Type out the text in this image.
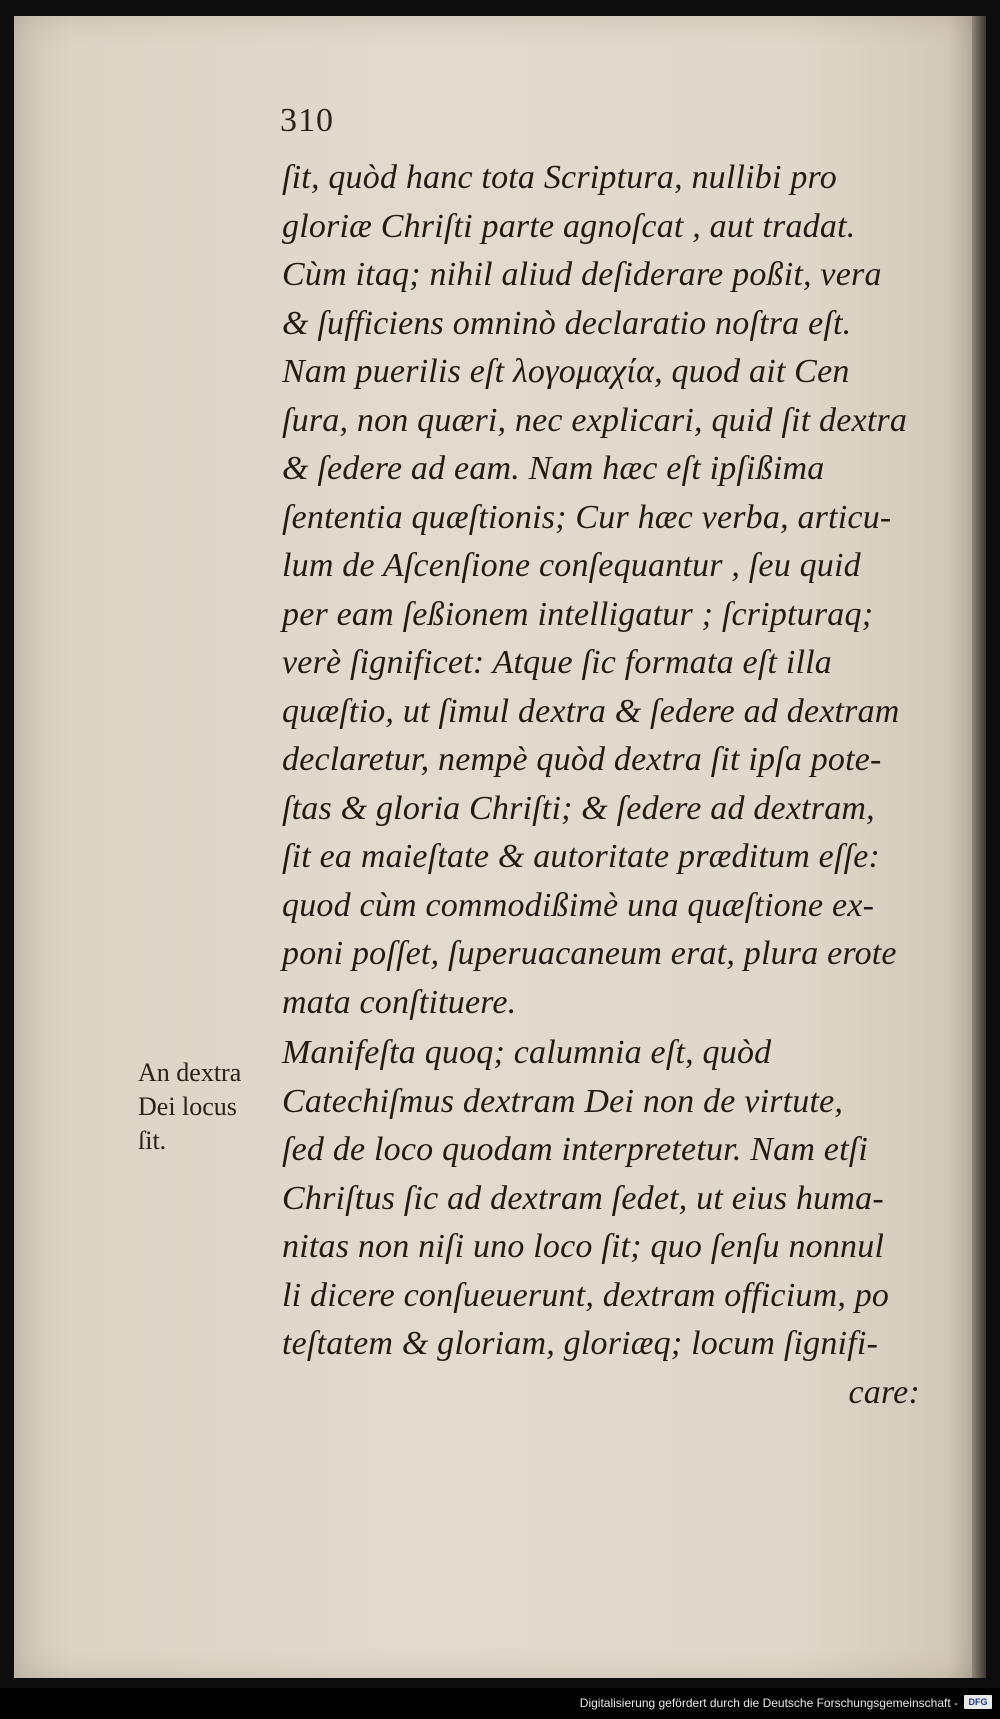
310
ſit, quòd hanc tota Scriptura, nullibi pro
gloriæ Chriſti parte agnoſcat , aut tradat.
Cùm itaq; nihil aliud deſiderare poßit, vera
& ſufficiens omninò declaratio noſtra eſt.
Nam puerilis eſt λογομαχία, quod ait Cen
ſura, non quæri, nec explicari, quid ſit dextra
& ſedere ad eam. Nam hæc eſt ipſißima
ſententia quæſtionis; Cur hæc verba, articu-
lum de Aſcenſione conſequantur , ſeu quid
per eam ſeßionem intelligatur ; ſcripturaq;
verè ſignificet: Atque ſic formata eſt illa
quæſtio, ut ſimul dextra & ſedere ad dextram
declaretur, nempè quòd dextra ſit ipſa pote-
ſtas & gloria Chriſti; & ſedere ad dextram,
ſit ea maieſtate & autoritate præditum eſſe:
quod cùm commodißimè una quæſtione ex-
poni poſſet, ſuperuacaneum erat, plura erote
mata conſtituere.
Manifeſta quoq; calumnia eſt, quòd
Catechiſmus dextram Dei non de virtute,
ſed de loco quodam interpretetur. Nam etſi
Chriſtus ſic ad dextram ſedet, ut eius huma-
nitas non niſi uno loco ſit; quo ſenſu nonnul
li dicere conſueuerunt, dextram officium, po
teſtatem & gloriam, gloriæq; locum ſignifi-
care:
An dextra
Dei locus
ſit.
Digitalisierung gefördert durch die Deutsche Forschungsgemeinschaft -	DFG
